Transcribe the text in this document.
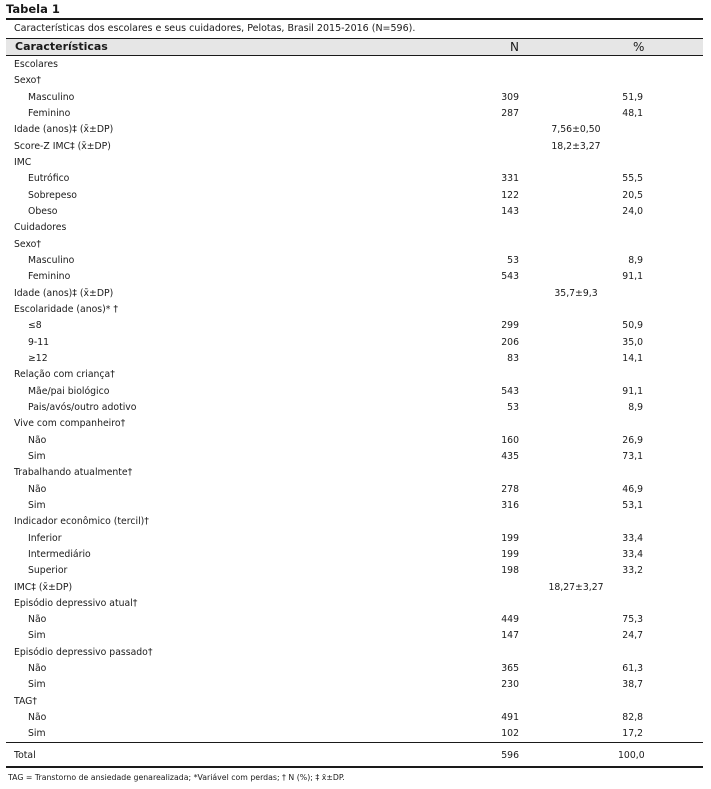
Tabela 1
Características dos escolares e seus cuidadores, Pelotas, Brasil 2015-2016 (N=596).
Características	N	%
Escolares
Sexo†
Masculino	309	51,9
Feminino	287	48,1
Idade (anos)‡ (x̄±DP)	7,56±0,50
Score-Z IMC‡ (x̄±DP)	18,2±3,27
IMC
Eutrófico	331	55,5
Sobrepeso	122	20,5
Obeso	143	24,0
Cuidadores
Sexo†
Masculino	53	8,9
Feminino	543	91,1
Idade (anos)‡ (x̄±DP)	35,7±9,3
Escolaridade (anos)* †
≤8	299	50,9
9-11	206	35,0
≥12	83	14,1
Relação com criança†
Mãe/pai biológico	543	91,1
Pais/avós/outro adotivo	53	8,9
Vive com companheiro†
Não	160	26,9
Sim	435	73,1
Trabalhando atualmente†
Não	278	46,9
Sim	316	53,1
Indicador econômico (tercil)†
Inferior	199	33,4
Intermediário	199	33,4
Superior	198	33,2
IMC‡ (x̄±DP)	18,27±3,27
Episódio depressivo atual†
Não	449	75,3
Sim	147	24,7
Episódio depressivo passado†
Não	365	61,3
Sim	230	38,7
TAG†
Não	491	82,8
Sim	102	17,2
Total	596	100,0
TAG = Transtorno de ansiedade genarealizada; *Variável com perdas; † N (%); ‡ x̄±DP.
